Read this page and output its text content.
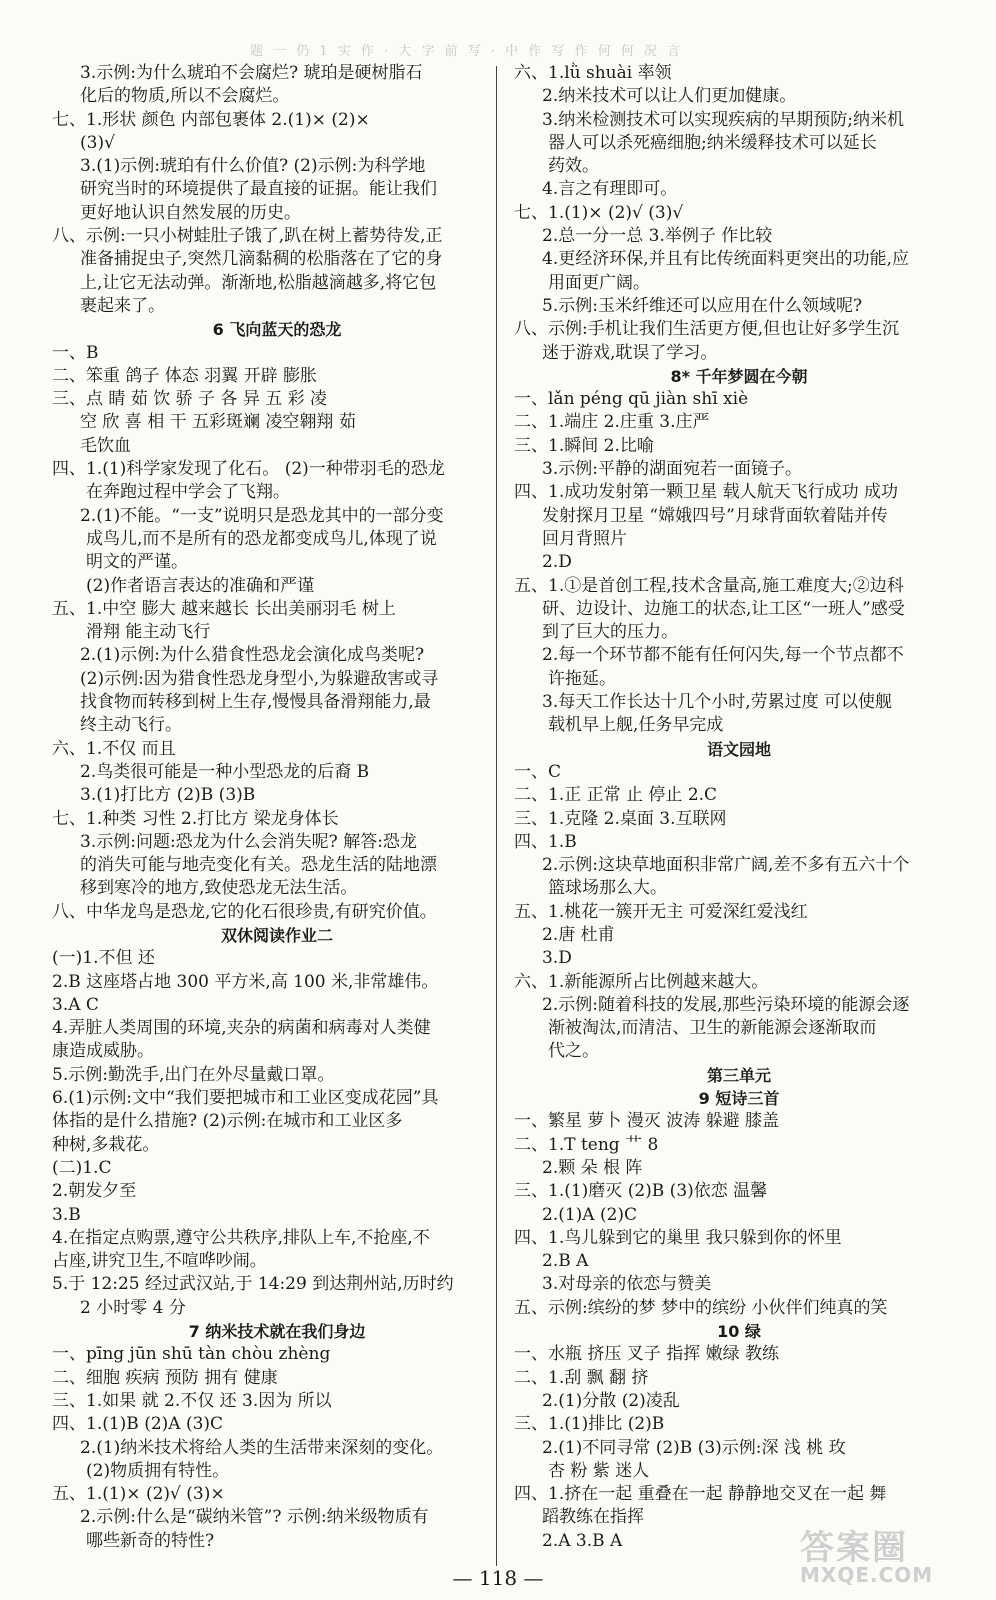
题 一 仍 1 实 作 · 大 字 前 写 · 中 作 写 作 何 何 况 言
3.示例:为什么琥珀不会腐烂? 琥珀是硬树脂石
化后的物质,所以不会腐烂。
七、1.形状 颜色 内部包裹体 2.(1)× (2)×
(3)√
3.(1)示例:琥珀有什么价值? (2)示例:为科学地
研究当时的环境提供了最直接的证据。能让我们
更好地认识自然发展的历史。
八、示例:一只小树蛙肚子饿了,趴在树上蓄势待发,正
准备捕捉虫子,突然几滴黏稠的松脂落在了它的身
上,让它无法动弹。渐渐地,松脂越滴越多,将它包
裹起来了。
6 飞向蓝天的恐龙
一、B
二、笨重 鸽子 体态 羽翼 开辟 膨胀
三、点 睛 茹 饮 骄 子 各 异 五 彩 凌
空 欣 喜 相 干 五彩斑斓 凌空翱翔 茹
毛饮血
四、1.(1)科学家发现了化石。 (2)一种带羽毛的恐龙
在奔跑过程中学会了飞翔。
2.(1)不能。“一支”说明只是恐龙其中的一部分变
成鸟儿,而不是所有的恐龙都变成鸟儿,体现了说
明文的严谨。
(2)作者语言表达的准确和严谨
五、1.中空 膨大 越来越长 长出美丽羽毛 树上
滑翔 能主动飞行
2.(1)示例:为什么猎食性恐龙会演化成鸟类呢?
(2)示例:因为猎食性恐龙身型小,为躲避敌害或寻
找食物而转移到树上生存,慢慢具备滑翔能力,最
终主动飞行。
六、1.不仅 而且
2.鸟类很可能是一种小型恐龙的后裔 B
3.(1)打比方 (2)B (3)B
七、1.种类 习性 2.打比方 梁龙身体长
3.示例:问题:恐龙为什么会消失呢? 解答:恐龙
的消失可能与地壳变化有关。恐龙生活的陆地漂
移到寒冷的地方,致使恐龙无法生活。
八、中华龙鸟是恐龙,它的化石很珍贵,有研究价值。
双休阅读作业二
(一)1.不但 还
2.B 这座塔占地 300 平方米,高 100 米,非常雄伟。
3.A C
4.弄脏人类周围的环境,夹杂的病菌和病毒对人类健
康造成威胁。
5.示例:勤洗手,出门在外尽量戴口罩。
6.(1)示例:文中“我们要把城市和工业区变成花园”具
体指的是什么措施? (2)示例:在城市和工业区多
种树,多栽花。
(二)1.C
2.朝发夕至
3.B
4.在指定点购票,遵守公共秩序,排队上车,不抢座,不
占座,讲究卫生,不喧哗吵闹。
5.于 12:25 经过武汉站,于 14:29 到达荆州站,历时约
2 小时零 4 分
7 纳米技术就在我们身边
一、pīng jūn shū tàn chòu zhèng
二、细胞 疾病 预防 拥有 健康
三、1.如果 就 2.不仅 还 3.因为 所以
四、1.(1)B (2)A (3)C
2.(1)纳米技术将给人类的生活带来深刻的变化。
(2)物质拥有特性。
五、1.(1)× (2)√ (3)×
2.示例:什么是“碳纳米管”? 示例:纳米级物质有
哪些新奇的特性?
六、1.lǜ shuài 率领
2.纳米技术可以让人们更加健康。
3.纳米检测技术可以实现疾病的早期预防;纳米机
器人可以杀死癌细胞;纳米缓释技术可以延长
药效。
4.言之有理即可。
七、1.(1)× (2)√ (3)√
2.总一分一总 3.举例子 作比较
4.更经济环保,并且有比传统面料更突出的功能,应
用面更广阔。
5.示例:玉米纤维还可以应用在什么领域呢?
八、示例:手机让我们生活更方便,但也让好多学生沉
迷于游戏,耽误了学习。
8* 千年梦圆在今朝
一、lǎn péng qū jiàn shī xiè
二、1.端庄 2.庄重 3.庄严
三、1.瞬间 2.比喻
3.示例:平静的湖面宛若一面镜子。
四、1.成功发射第一颗卫星 载人航天飞行成功 成功
发射探月卫星 “嫦娥四号”月球背面软着陆并传
回月背照片
2.D
五、1.①是首创工程,技术含量高,施工难度大;②边科
研、边设计、边施工的状态,让工区“一班人”感受
到了巨大的压力。
2.每一个环节都不能有任何闪失,每一个节点都不
许拖延。
3.每天工作长达十几个小时,劳累过度 可以使舰
载机早上舰,任务早完成
语文园地
一、C
二、1.正 正常 止 停止 2.C
三、1.克隆 2.桌面 3.互联网
四、1.B
2.示例:这块草地面积非常广阔,差不多有五六十个
篮球场那么大。
五、1.桃花一簇开无主 可爱深红爱浅红
2.唐 杜甫
3.D
六、1.新能源所占比例越来越大。
2.示例:随着科技的发展,那些污染环境的能源会逐
渐被淘汰,而清洁、卫生的新能源会逐渐取而
代之。
第三单元
9 短诗三首
一、繁星 萝卜 漫灭 波涛 躲避 膝盖
二、1.T teng 艹 8
2.颗 朵 根 阵
三、1.(1)磨灭 (2)B (3)依恋 温馨
2.(1)A (2)C
四、1.鸟儿躲到它的巢里 我只躲到你的怀里
2.B A
3.对母亲的依恋与赞美
五、示例:缤纷的梦 梦中的缤纷 小伙伴们纯真的笑
10 绿
一、水瓶 挤压 叉子 指挥 嫩绿 教练
二、1.刮 飘 翻 挤
2.(1)分散 (2)凌乱
三、1.(1)排比 (2)B
2.(1)不同寻常 (2)B (3)示例:深 浅 桃 玫
杏 粉 紫 迷人
四、1.挤在一起 重叠在一起 静静地交叉在一起 舞
蹈教练在指挥
2.A 3.B A
— 118 —
答案圈
MXQE.COM
